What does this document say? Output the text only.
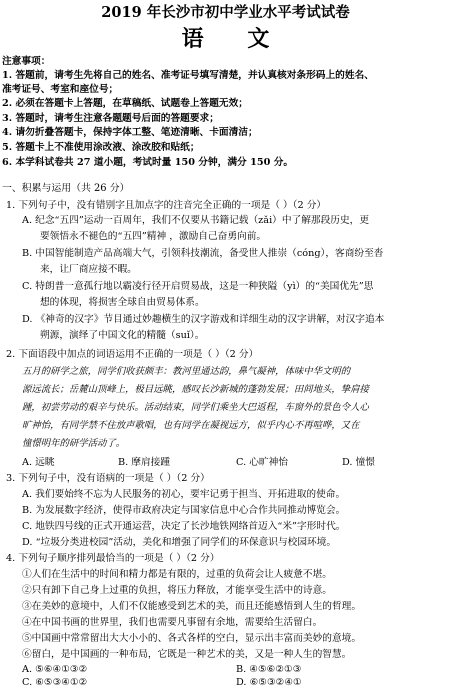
2019 年长沙市初中学业水平考试试卷
语 文
注意事项：
1. 答题前，请考生先将自己的姓名、准考证号填写清楚，并认真核对条形码上的姓名、
准考证号、考室和座位号；
2. 必须在答题卡上答题，在草稿纸、试题卷上答题无效；
3. 答题时，请考生注意各题题号后面的答题要求；
4. 请勿折叠答题卡，保持字体工整、笔迹清晰、卡面清洁；
5. 答题卡上不准使用涂改液、涂改胶和贴纸；
6. 本学科试卷共 27 道小题，考试时量 150 分钟，满分 150 分。
一、积累与运用（共 26 分）
1. 下列句子中，没有错别字且加点字的注音完全正确的一项是（ ）（2 分）
A. 纪念“五四”运动一百周年，我们不仅要从书籍记载（zǎi）中了解那段历史，更
要领悟永不褪色的“五四”精神 ，激励自己奋勇向前。
B. 中国智能制造产品高端大气，引领科技潮流，备受世人推崇（cóng），客商纷至沓
来，让厂商应接不暇。
C. 特朗普一意孤行地以霸凌行径开启贸易战，这是一种狭隘（yì）的“美国优先”思
想的体现，将损害全球自由贸易体系。
D. 《神奇的汉字》节目通过妙趣横生的汉字游戏和详细生动的汉字讲解，对汉字追本
朔源，演绎了中国文化的精髓（suǐ）。
2. 下面语段中加点的词语运用不正确的一项是（ ）（2 分）
五月的研学之旅，同学们收获颇丰：教河里通达韵，鼻气凝神，体味中华文明的
源远流长；岳麓山顶峰上，极目远眺，感叹长沙新城的蓬勃发展；田间地头，挚肩接
踵，初尝劳动的艰辛与快乐。活动结束，同学们乘坐大巴返程，车窗外的景色令人心
旷神怡，有同学禁不住放声歌唱，也有同学在凝视远方，似乎内心不再喧哗，又在
憧憬明年的研学活动了。
A. 远眺	B. 摩肩接踵	C. 心旷神怡	D. 憧憬
3. 下列句子中，没有语病的一项是（ ）（2 分）
A. 我们要始终不忘为人民服务的初心，要牢记勇于担当、开拓进取的使命。
B. 为发展数字经济，使得市政府决定与国家信息中心合作共同推动博览会。
C. 地铁四号线的正式开通运营，决定了长沙地铁网络首迈入“米”字形时代。
D. “垃圾分类进校园”活动，美化和增强了同学们的环保意识与校园环境。
4. 下列句子顺序排列最恰当的一项是（ ）（2 分）
①人们在生活中的时间和精力都是有限的，过重的负荷会让人疲惫不堪。
②只有卸下自己身上过重的负担，将压力释放，才能享受生活中的诗意。
③在美妙的意境中，人们不仅能感受到艺术的美，而且还能感悟到人生的哲理。
④在中国书画的世界里，我们也需要凡事留有余地，需要给生活留白。
⑤中国画中常常留出大大小小的、各式各样的空白，显示出丰富而美妙的意境。
⑥留白，是中国画的一种布局，它既是一种艺术的美，又是一种人生的智慧。
A. ⑤⑥④①③②	B. ④⑤⑥②①③
C. ⑥⑤③④①②	D. ⑥⑤③②④①
